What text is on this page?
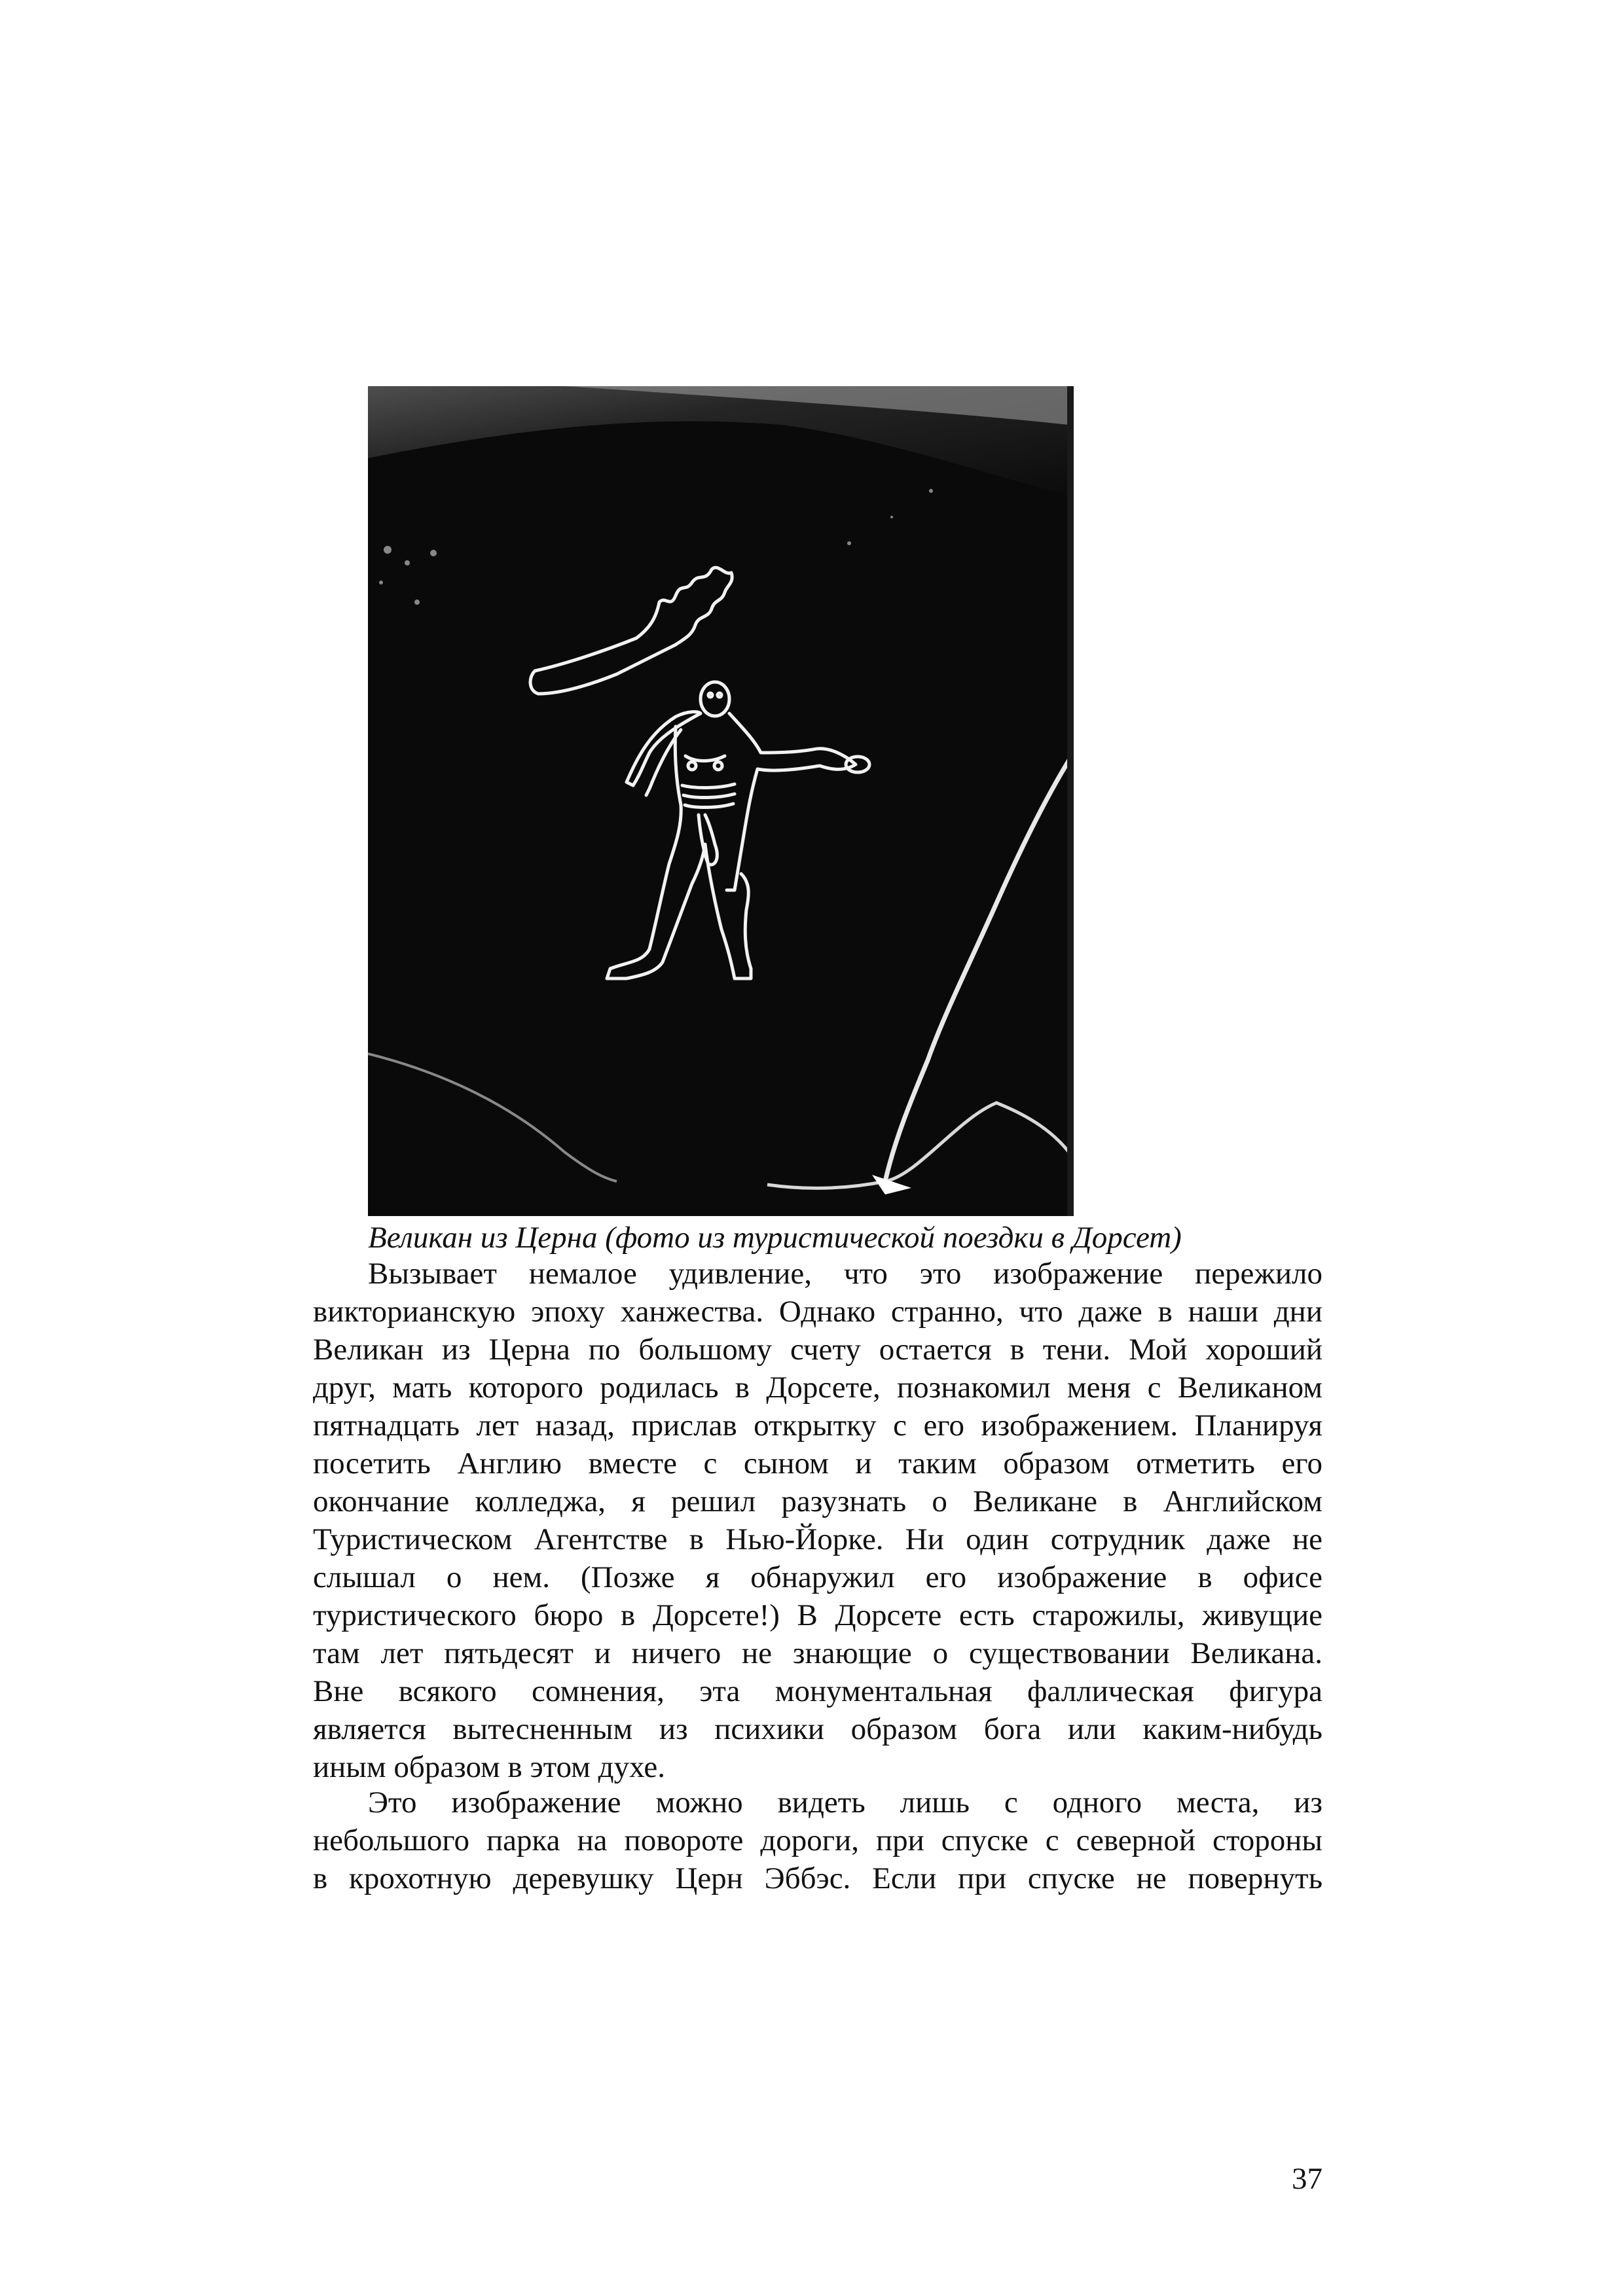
Великан из Церна (фото из туристической поездки в Дорсет)
Вызывает немалое удивление, что это изображение пережило
викторианскую эпоху ханжества. Однако странно, что даже в наши дни
Великан из Церна по большому счету остается в тени. Мой хороший
друг, мать которого родилась в Дорсете, познакомил меня с Великаном
пятнадцать лет назад, прислав открытку с его изображением. Планируя
посетить Англию вместе с сыном и таким образом отметить его
окончание колледжа, я решил разузнать о Великане в Английском
Туристическом Агентстве в Нью-Йорке. Ни один сотрудник даже не
слышал о нем. (Позже я обнаружил его изображение в офисе
туристического бюро в Дорсете!) В Дорсете есть старожилы, живущие
там лет пятьдесят и ничего не знающие о существовании Великана.
Вне всякого сомнения, эта монументальная фаллическая фигура
является вытесненным из психики образом бога или каким-нибудь
иным образом в этом духе.
Это изображение можно видеть лишь с одного места, из
небольшого парка на повороте дороги, при спуске с северной стороны
в крохотную деревушку Церн Эббэс. Если при спуске не повернуть
37
